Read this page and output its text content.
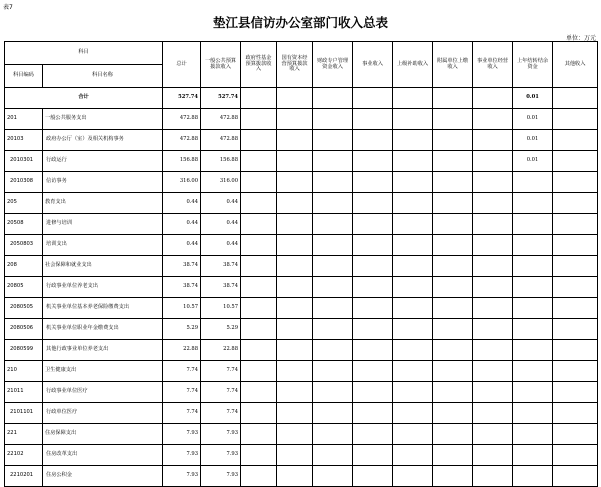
表7
垫江县信访办公室部门收入总表
单位：万元
科目		总计	一般公共预算拨款收入	政府性基金预算拨款收入	国有资本经营预算拨款收入	财政专户管理资金收入	事业收入	上级补助收入	附属单位上缴收入	事业单位经营收入	上年结转结余资金	其他收入
科目编码	科目名称											
合计		527.74	527.74								0.01	
201	一般公共服务支出	472.88	472.88								0.01	
20103	政府办公厅（室）及相关机构事务	472.88	472.88								0.01	
2010301	行政运行	156.88	156.88								0.01	
2010308	信访事务	316.00	316.00									
205	教育支出	0.44	0.44									
20508	进修与培训	0.44	0.44									
2050803	培训支出	0.44	0.44									
208	社会保障和就业支出	38.74	38.74									
20805	行政事业单位养老支出	38.74	38.74									
2080505	机关事业单位基本养老保险缴费支出	10.57	10.57									
2080506	机关事业单位职业年金缴费支出	5.29	5.29									
2080599	其他行政事业单位养老支出	22.88	22.88									
210	卫生健康支出	7.74	7.74									
21011	行政事业单位医疗	7.74	7.74									
2101101	行政单位医疗	7.74	7.74									
221	住房保障支出	7.93	7.93									
22102	住房改革支出	7.93	7.93									
2210201	住房公积金	7.93	7.93									
